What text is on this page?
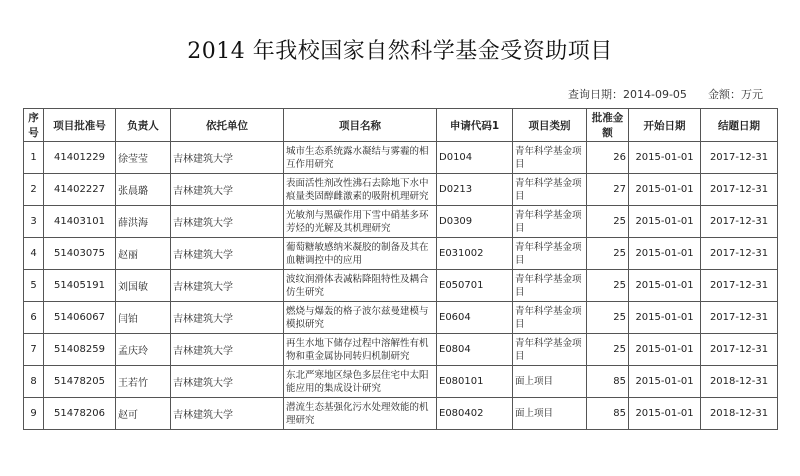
2014 年我校国家自然科学基金受资助项目
查询日期：2014-09-05 金额：万元
序号	项目批准号	负责人	依托单位	项目名称	申请代码1	项目类别	批准金额	开始日期	结题日期
1	41401229	徐莹莹	吉林建筑大学	城市生态系统露水凝结与雾霾的相互作用研究	D0104	青年科学基金项目	26	2015-01-01	2017-12-31
2	41402227	张晨璐	吉林建筑大学	表面活性剂改性沸石去除地下水中痕量类固醇雌激素的吸附机理研究	D0213	青年科学基金项目	27	2015-01-01	2017-12-31
3	41403101	薛洪海	吉林建筑大学	光敏剂与黑碳作用下雪中硝基多环芳烃的光解及其机理研究	D0309	青年科学基金项目	25	2015-01-01	2017-12-31
4	51403075	赵丽	吉林建筑大学	葡萄糖敏感纳米凝胶的制备及其在血糖调控中的应用	E031002	青年科学基金项目	25	2015-01-01	2017-12-31
5	51405191	刘国敏	吉林建筑大学	波纹润滑体表减粘降阻特性及耦合仿生研究	E050701	青年科学基金项目	25	2015-01-01	2017-12-31
6	51406067	闫铂	吉林建筑大学	燃烧与爆轰的格子波尔兹曼建模与模拟研究	E0604	青年科学基金项目	25	2015-01-01	2017-12-31
7	51408259	孟庆玲	吉林建筑大学	再生水地下储存过程中溶解性有机物和重金属协同转归机制研究	E0804	青年科学基金项目	25	2015-01-01	2017-12-31
8	51478205	王若竹	吉林建筑大学	东北严寒地区绿色多层住宅中太阳能应用的集成设计研究	E080101	面上项目	85	2015-01-01	2018-12-31
9	51478206	赵可	吉林建筑大学	潜流生态基强化污水处理效能的机理研究	E080402	面上项目	85	2015-01-01	2018-12-31
